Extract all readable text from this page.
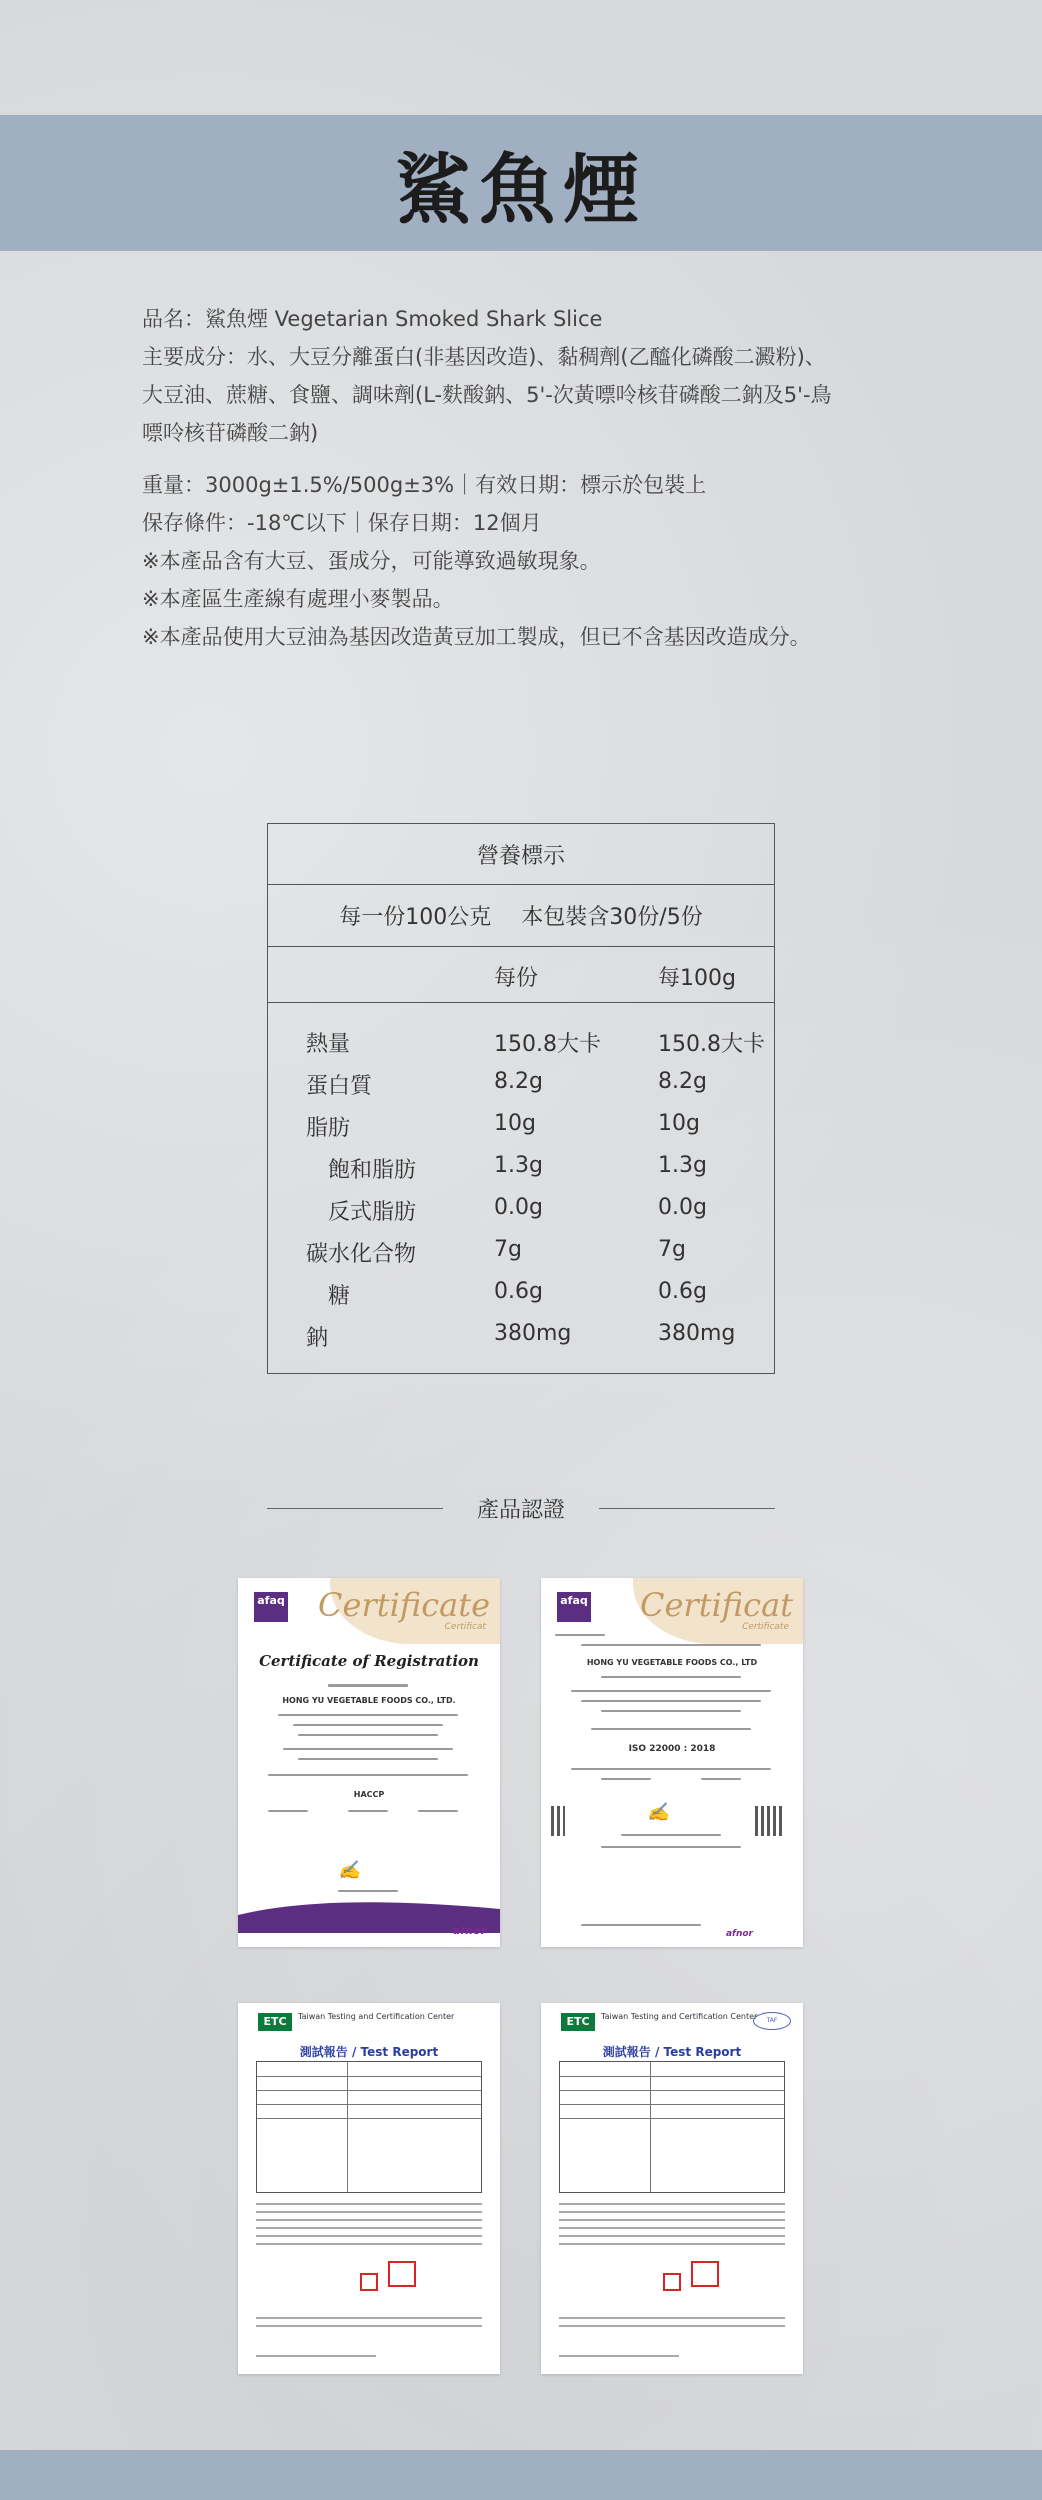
鯊魚煙

品名：鯊魚煙 Vegetarian Smoked Shark Slice

主要成分：水、大豆分離蛋白(非基因改造)、黏稠劑(乙醯化磷酸二澱粉)、

大豆油、蔗糖、食鹽、調味劑(L-麩酸鈉、5'-次黃嘌呤核苷磷酸二鈉及5'-鳥

嘌呤核苷磷酸二鈉)

重量：3000g±1.5%/500g±3%｜有效日期：標示於包裝上

保存條件：-18℃以下｜保存日期：12個月

※本產品含有大豆、蛋成分，可能導致過敏現象。

※本產區生產線有處理小麥製品。

※本產品使用大豆油為基因改造黃豆加工製成，但已不含基因改造成分。

營養標示
每一份100公克 本包裝含30份/5份
每份	每100g
熱量	150.8大卡	150.8大卡
蛋白質	8.2g	8.2g
脂肪	10g	10g
飽和脂肪	1.3g	1.3g
反式脂肪	0.0g	0.0g
碳水化合物	7g	7g
糖	0.6g	0.6g
鈉	380mg	380mg
產品認證
Certificate
Certificat
afaq
Certificate of Registration
HONG YU VEGETABLE FOODS CO., LTD.
HACCP
✍
afnor
Certificat
Certificate
afaq
HONG YU VEGETABLE FOODS CO., LTD
ISO 22000 : 2018
✍
afnor
ETC	Taiwan Testing and Certification Center
測試報告 / Test Report
ETC	Taiwan Testing and Certification Center	TAF
測試報告 / Test Report
